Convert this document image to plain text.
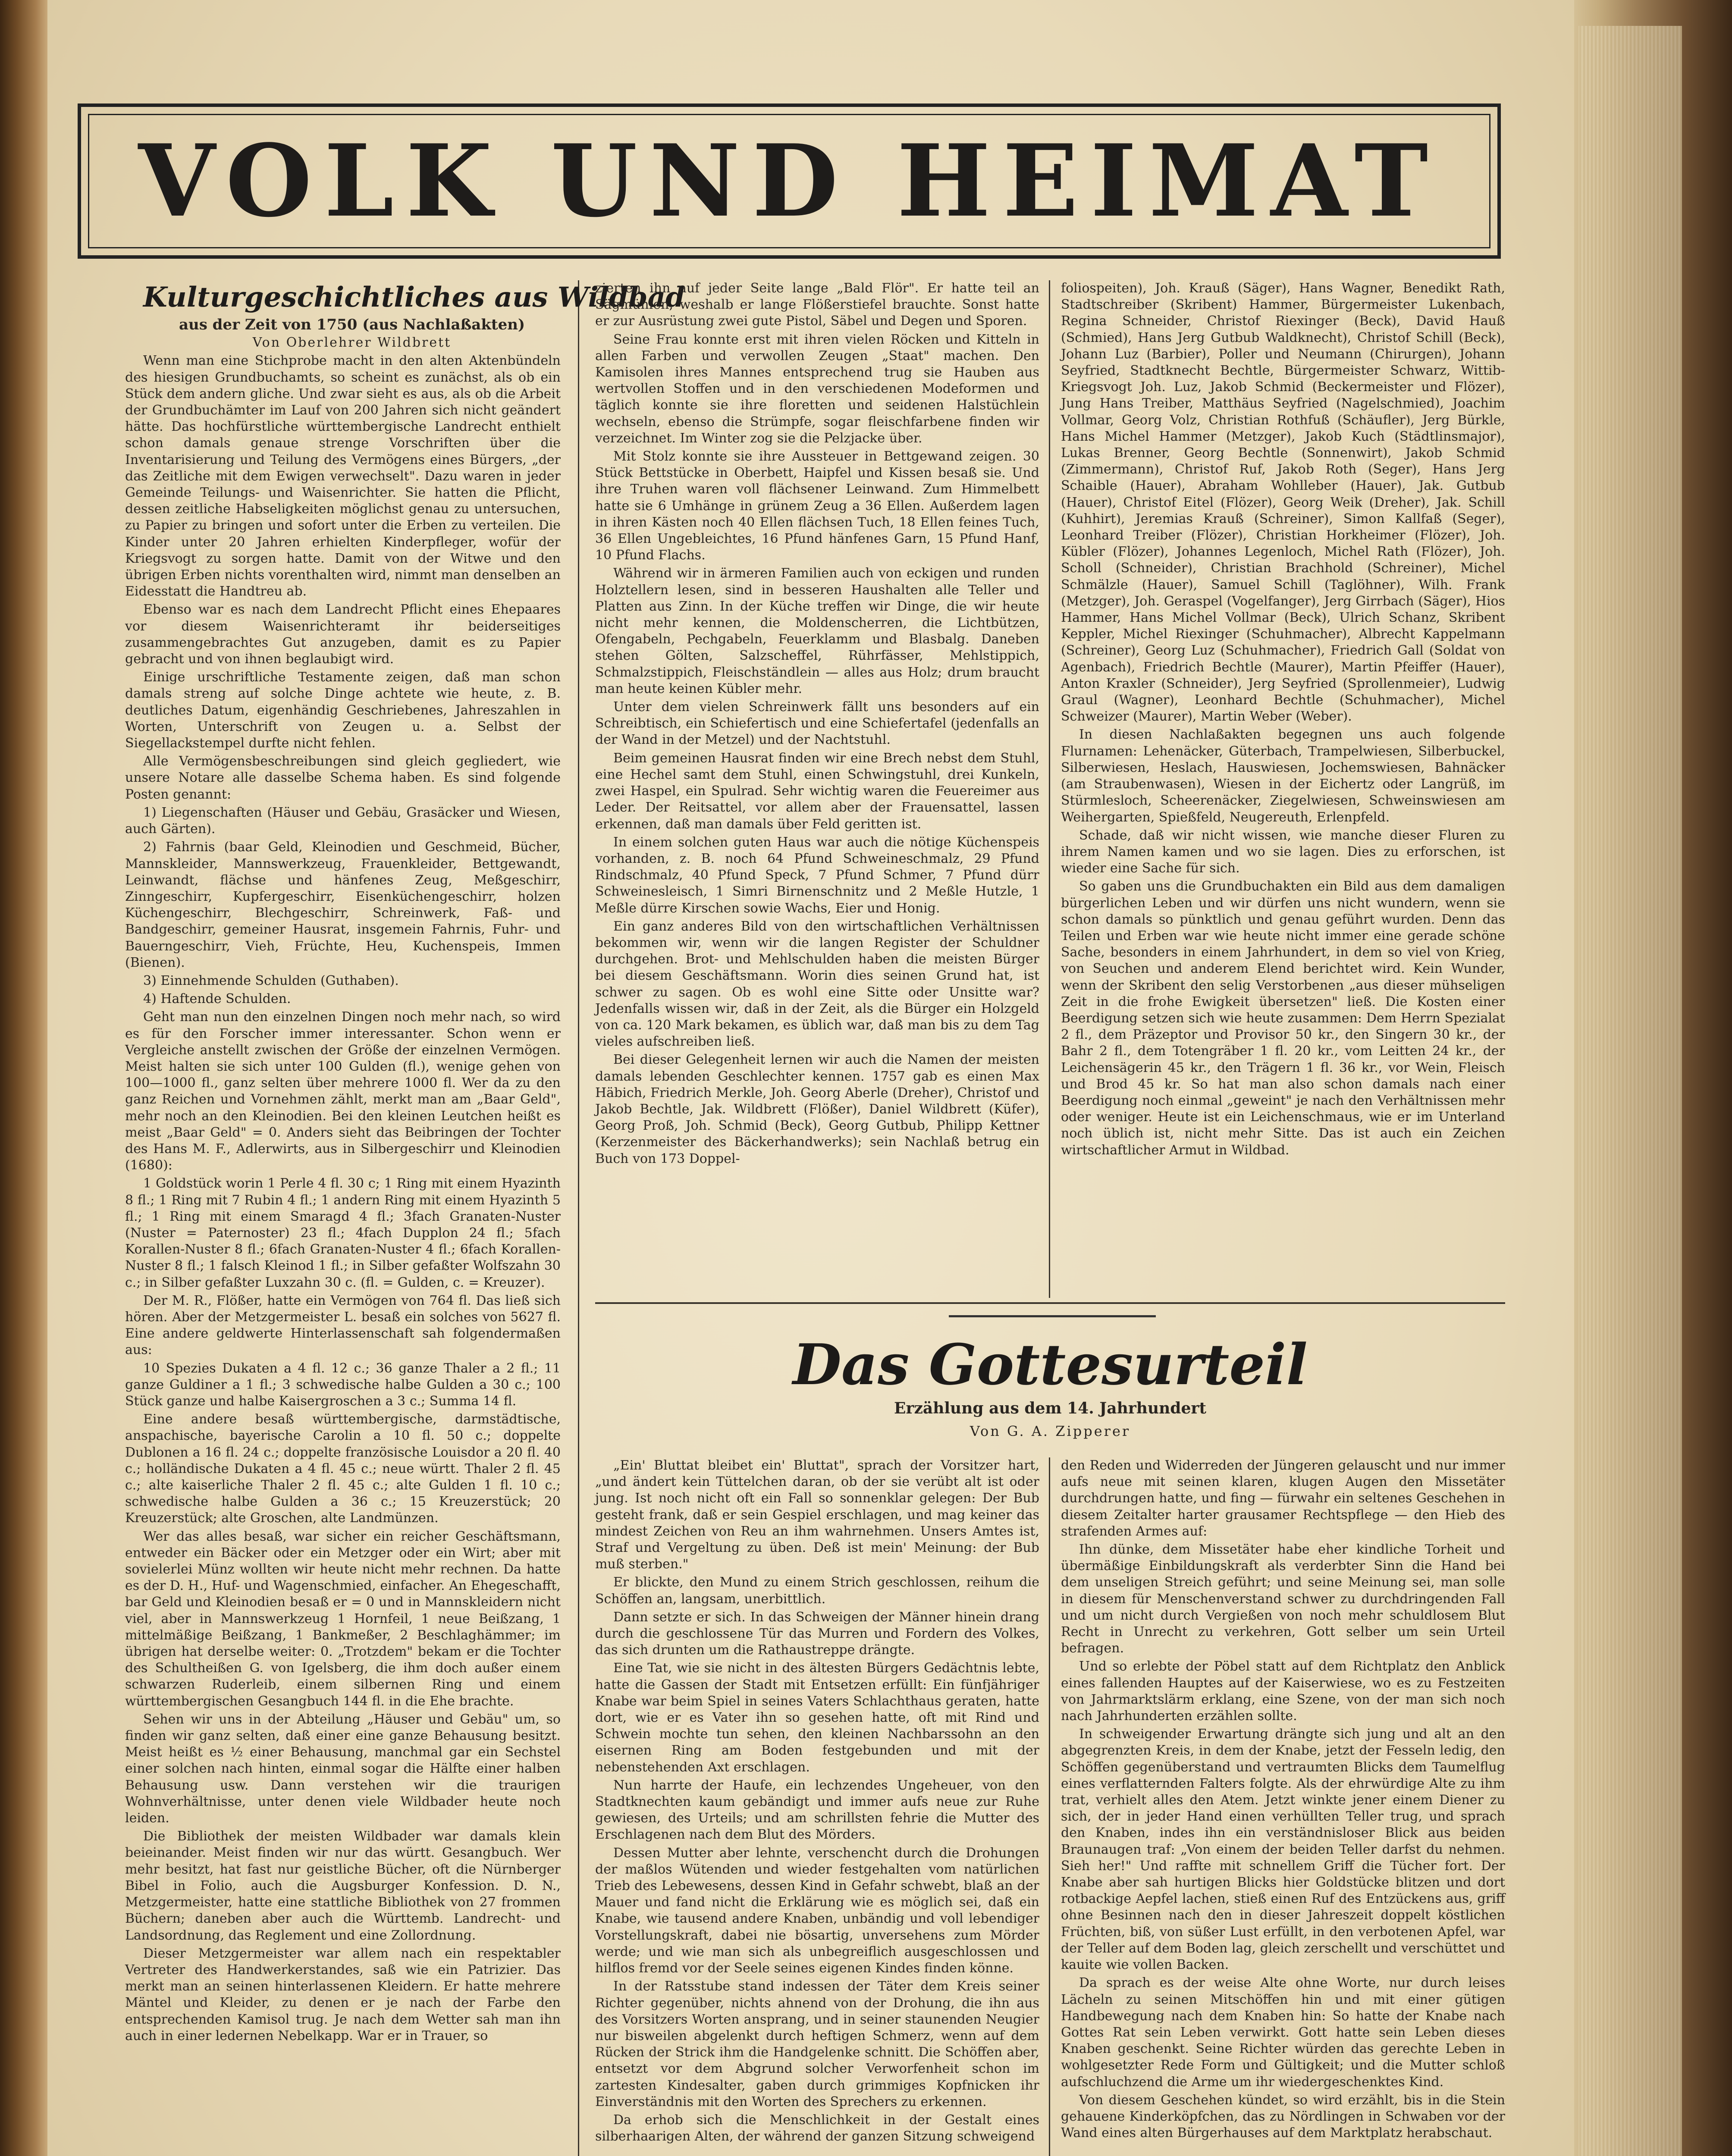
VOLK UND HEIMAT

Kulturgeschichtliches aus Wildbad

aus der Zeit von 1750 (aus Nachlaßakten)

Von Oberlehrer Wildbrett

Wenn man eine Stichprobe macht in den alten Aktenbündeln des hiesigen Grundbuchamts, so scheint es zunächst, als ob ein Stück dem andern gliche. Und zwar sieht es aus, als ob die Arbeit der Grundbuchämter im Lauf von 200 Jahren sich nicht geändert hätte. Das hochfürstliche württembergische Landrecht enthielt schon damals genaue strenge Vorschriften über die Inventarisierung und Teilung des Vermögens eines Bürgers, „der das Zeitliche mit dem Ewigen verwechselt". Dazu waren in jeder Gemeinde Teilungs- und Waisenrichter. Sie hatten die Pflicht, dessen zeitliche Habseligkeiten möglichst genau zu untersuchen, zu Papier zu bringen und sofort unter die Erben zu verteilen. Die Kinder unter 20 Jahren erhielten Kinderpfleger, wofür der Kriegsvogt zu sorgen hatte. Damit von der Witwe und den übrigen Erben nichts vorenthalten wird, nimmt man denselben an Eidesstatt die Handtreu ab.

Ebenso war es nach dem Landrecht Pflicht eines Ehepaares vor diesem Waisenrichteramt ihr beiderseitiges zusammengebrachtes Gut anzugeben, damit es zu Papier gebracht und von ihnen beglaubigt wird.

Einige urschriftliche Testamente zeigen, daß man schon damals streng auf solche Dinge achtete wie heute, z. B. deutliches Datum, eigenhändig Geschriebenes, Jahreszahlen in Worten, Unterschrift von Zeugen u. a. Selbst der Siegellackstempel durfte nicht fehlen.

Alle Vermögensbeschreibungen sind gleich gegliedert, wie unsere Notare alle dasselbe Schema haben. Es sind folgende Posten genannt:

1) Liegenschaften (Häuser und Gebäu, Grasäcker und Wiesen, auch Gärten).

2) Fahrnis (baar Geld, Kleinodien und Geschmeid, Bücher, Mannskleider, Mannswerkzeug, Frauenkleider, Bettgewandt, Leinwandt, flächse und hänfenes Zeug, Meßgeschirr, Zinngeschirr, Kupfergeschirr, Eisenküchengeschirr, holzen Küchengeschirr, Blechgeschirr, Schreinwerk, Faß- und Bandgeschirr, gemeiner Hausrat, insgemein Fahrnis, Fuhr- und Bauerngeschirr, Vieh, Früchte, Heu, Kuchenspeis, Immen (Bienen).

3) Einnehmende Schulden (Guthaben).

4) Haftende Schulden.

Geht man nun den einzelnen Dingen noch mehr nach, so wird es für den Forscher immer interessanter. Schon wenn er Vergleiche anstellt zwischen der Größe der einzelnen Vermögen. Meist halten sie sich unter 100 Gulden (fl.), wenige gehen von 100—1000 fl., ganz selten über mehrere 1000 fl. Wer da zu den ganz Reichen und Vornehmen zählt, merkt man am „Baar Geld", mehr noch an den Kleinodien. Bei den kleinen Leutchen heißt es meist „Baar Geld" = 0. Anders sieht das Beibringen der Tochter des Hans M. F., Adlerwirts, aus in Silbergeschirr und Kleinodien (1680):

1 Goldstück worin 1 Perle 4 fl. 30 c; 1 Ring mit einem Hyazinth 8 fl.; 1 Ring mit 7 Rubin 4 fl.; 1 andern Ring mit einem Hyazinth 5 fl.; 1 Ring mit einem Smaragd 4 fl.; 3fach Granaten-Nuster (Nuster = Paternoster) 23 fl.; 4fach Dupplon 24 fl.; 5fach Korallen-Nuster 8 fl.; 6fach Granaten-Nuster 4 fl.; 6fach Korallen-Nuster 8 fl.; 1 falsch Kleinod 1 fl.; in Silber gefaßter Wolfszahn 30 c.; in Silber gefaßter Luxzahn 30 c. (fl. = Gulden, c. = Kreuzer).

Der M. R., Flößer, hatte ein Vermögen von 764 fl. Das ließ sich hören. Aber der Metzgermeister L. besaß ein solches von 5627 fl. Eine andere geldwerte Hinterlassenschaft sah folgendermaßen aus:

10 Spezies Dukaten a 4 fl. 12 c.; 36 ganze Thaler a 2 fl.; 11 ganze Guldiner a 1 fl.; 3 schwedische halbe Gulden a 30 c.; 100 Stück ganze und halbe Kaisergroschen a 3 c.; Summa 14 fl.

Eine andere besaß württembergische, darmstädtische, anspachische, bayerische Carolin a 10 fl. 50 c.; doppelte Dublonen a 16 fl. 24 c.; doppelte französische Louisdor a 20 fl. 40 c.; holländische Dukaten a 4 fl. 45 c.; neue württ. Thaler 2 fl. 45 c.; alte kaiserliche Thaler 2 fl. 45 c.; alte Gulden 1 fl. 10 c.; schwedische halbe Gulden a 36 c.; 15 Kreuzerstück; 20 Kreuzerstück; alte Groschen, alte Landmünzen.

Wer das alles besaß, war sicher ein reicher Geschäftsmann, entweder ein Bäcker oder ein Metzger oder ein Wirt; aber mit sovielerlei Münz wollten wir heute nicht mehr rechnen. Da hatte es der D. H., Huf- und Wagenschmied, einfacher. An Ehegeschafft, bar Geld und Kleinodien besaß er = 0 und in Mannskleidern nicht viel, aber in Mannswerkzeug 1 Hornfeil, 1 neue Beißzang, 1 mittelmäßige Beißzang, 1 Bankmeßer, 2 Beschlaghämmer; im übrigen hat derselbe weiter: 0. „Trotzdem" bekam er die Tochter des Schultheißen G. von Igelsberg, die ihm doch außer einem schwarzen Ruderleib, einem silbernen Ring und einem württembergischen Gesangbuch 144 fl. in die Ehe brachte.

Sehen wir uns in der Abteilung „Häuser und Gebäu" um, so finden wir ganz selten, daß einer eine ganze Behausung besitzt. Meist heißt es ½ einer Behausung, manchmal gar ein Sechstel einer solchen nach hinten, einmal sogar die Hälfte einer halben Behausung usw. Dann verstehen wir die traurigen Wohnverhältnisse, unter denen viele Wildbader heute noch leiden.

Die Bibliothek der meisten Wildbader war damals klein beieinander. Meist finden wir nur das württ. Gesangbuch. Wer mehr besitzt, hat fast nur geistliche Bücher, oft die Nürnberger Bibel in Folio, auch die Augsburger Konfession. D. N., Metzgermeister, hatte eine stattliche Bibliothek von 27 frommen Büchern; daneben aber auch die Württemb. Landrecht- und Landsordnung, das Reglement und eine Zollordnung.

Dieser Metzgermeister war allem nach ein respektabler Vertreter des Handwerkerstandes, saß wie ein Patrizier. Das merkt man an seinen hinterlassenen Kleidern. Er hatte mehrere Mäntel und Kleider, zu denen er je nach der Farbe den entsprechenden Kamisol trug. Je nach dem Wetter sah man ihn auch in einer ledernen Nebelkapp. War er in Trauer, so

zierten ihn auf jeder Seite lange „Bald Flör". Er hatte teil an Sägmühlen, weshalb er lange Flößerstiefel brauchte. Sonst hatte er zur Ausrüstung zwei gute Pistol, Säbel und Degen und Sporen.

Seine Frau konnte erst mit ihren vielen Röcken und Kitteln in allen Farben und verwollen Zeugen „Staat" machen. Den Kamisolen ihres Mannes entsprechend trug sie Hauben aus wertvollen Stoffen und in den verschiedenen Modeformen und täglich konnte sie ihre floretten und seidenen Halstüchlein wechseln, ebenso die Strümpfe, sogar fleischfarbene finden wir verzeichnet. Im Winter zog sie die Pelzjacke über.

Mit Stolz konnte sie ihre Aussteuer in Bettgewand zeigen. 30 Stück Bettstücke in Oberbett, Haipfel und Kissen besaß sie. Und ihre Truhen waren voll flächsener Leinwand. Zum Himmelbett hatte sie 6 Umhänge in grünem Zeug a 36 Ellen. Außerdem lagen in ihren Kästen noch 40 Ellen flächsen Tuch, 18 Ellen feines Tuch, 36 Ellen Ungebleichtes, 16 Pfund hänfenes Garn, 15 Pfund Hanf, 10 Pfund Flachs.

Während wir in ärmeren Familien auch von eckigen und runden Holztellern lesen, sind in besseren Haushalten alle Teller und Platten aus Zinn. In der Küche treffen wir Dinge, die wir heute nicht mehr kennen, die Moldenscherren, die Lichtbützen, Ofengabeln, Pechgabeln, Feuerklamm und Blasbalg. Daneben stehen Gölten, Salzscheffel, Rührfässer, Mehlstippich, Schmalzstippich, Fleischständlein — alles aus Holz; drum braucht man heute keinen Kübler mehr.

Unter dem vielen Schreinwerk fällt uns besonders auf ein Schreibtisch, ein Schiefertisch und eine Schiefertafel (jedenfalls an der Wand in der Metzel) und der Nachtstuhl.

Beim gemeinen Hausrat finden wir eine Brech nebst dem Stuhl, eine Hechel samt dem Stuhl, einen Schwingstuhl, drei Kunkeln, zwei Haspel, ein Spulrad. Sehr wichtig waren die Feuereimer aus Leder. Der Reitsattel, vor allem aber der Frauensattel, lassen erkennen, daß man damals über Feld geritten ist.

In einem solchen guten Haus war auch die nötige Küchenspeis vorhanden, z. B. noch 64 Pfund Schweineschmalz, 29 Pfund Rindschmalz, 40 Pfund Speck, 7 Pfund Schmer, 7 Pfund dürr Schweinesleisch, 1 Simri Birnenschnitz und 2 Meßle Hutzle, 1 Meßle dürre Kirschen sowie Wachs, Eier und Honig.

Ein ganz anderes Bild von den wirtschaftlichen Verhältnissen bekommen wir, wenn wir die langen Register der Schuldner durchgehen. Brot- und Mehlschulden haben die meisten Bürger bei diesem Geschäftsmann. Worin dies seinen Grund hat, ist schwer zu sagen. Ob es wohl eine Sitte oder Unsitte war? Jedenfalls wissen wir, daß in der Zeit, als die Bürger ein Holzgeld von ca. 120 Mark bekamen, es üblich war, daß man bis zu dem Tag vieles aufschreiben ließ.

Bei dieser Gelegenheit lernen wir auch die Namen der meisten damals lebenden Geschlechter kennen. 1757 gab es einen Max Häbich, Friedrich Merkle, Joh. Georg Aberle (Dreher), Christof und Jakob Bechtle, Jak. Wildbrett (Flößer), Daniel Wildbrett (Küfer), Georg Proß, Joh. Schmid (Beck), Georg Gutbub, Philipp Kettner (Kerzenmeister des Bäckerhandwerks); sein Nachlaß betrug ein Buch von 173 Doppel-

foliospeiten), Joh. Krauß (Säger), Hans Wagner, Benedikt Rath, Stadtschreiber (Skribent) Hammer, Bürgermeister Lukenbach, Regina Schneider, Christof Riexinger (Beck), David Hauß (Schmied), Hans Jerg Gutbub Waldknecht), Christof Schill (Beck), Johann Luz (Barbier), Poller und Neumann (Chirurgen), Johann Seyfried, Stadtknecht Bechtle, Bürgermeister Schwarz, Wittib-Kriegsvogt Joh. Luz, Jakob Schmid (Beckermeister und Flözer), Jung Hans Treiber, Matthäus Seyfried (Nagelschmied), Joachim Vollmar, Georg Volz, Christian Rothfuß (Schäufler), Jerg Bürkle, Hans Michel Hammer (Metzger), Jakob Kuch (Städtlinsmajor), Lukas Brenner, Georg Bechtle (Sonnenwirt), Jakob Schmid (Zimmermann), Christof Ruf, Jakob Roth (Seger), Hans Jerg Schaible (Hauer), Abraham Wohlleber (Hauer), Jak. Gutbub (Hauer), Christof Eitel (Flözer), Georg Weik (Dreher), Jak. Schill (Kuhhirt), Jeremias Krauß (Schreiner), Simon Kallfaß (Seger), Leonhard Treiber (Flözer), Christian Horkheimer (Flözer), Joh. Kübler (Flözer), Johannes Legenloch, Michel Rath (Flözer), Joh. Scholl (Schneider), Christian Brachhold (Schreiner), Michel Schmälzle (Hauer), Samuel Schill (Taglöhner), Wilh. Frank (Metzger), Joh. Geraspel (Vogelfanger), Jerg Girrbach (Säger), Hios Hammer, Hans Michel Vollmar (Beck), Ulrich Schanz, Skribent Keppler, Michel Riexinger (Schuhmacher), Albrecht Kappelmann (Schreiner), Georg Luz (Schuhmacher), Friedrich Gall (Soldat von Agenbach), Friedrich Bechtle (Maurer), Martin Pfeiffer (Hauer), Anton Kraxler (Schneider), Jerg Seyfried (Sprollenmeier), Ludwig Graul (Wagner), Leonhard Bechtle (Schuhmacher), Michel Schweizer (Maurer), Martin Weber (Weber).

In diesen Nachlaßakten begegnen uns auch folgende Flurnamen: Lehenäcker, Güterbach, Trampelwiesen, Silberbuckel, Silberwiesen, Heslach, Hauswiesen, Jochemswiesen, Bahnäcker (am Straubenwasen), Wiesen in der Eichertz oder Langrüß, im Stürmlesloch, Scheerenäcker, Ziegelwiesen, Schweinswiesen am Weihergarten, Spießfeld, Neugereuth, Erlenpfeld.

Schade, daß wir nicht wissen, wie manche dieser Fluren zu ihrem Namen kamen und wo sie lagen. Dies zu erforschen, ist wieder eine Sache für sich.

So gaben uns die Grundbuchakten ein Bild aus dem damaligen bürgerlichen Leben und wir dürfen uns nicht wundern, wenn sie schon damals so pünktlich und genau geführt wurden. Denn das Teilen und Erben war wie heute nicht immer eine gerade schöne Sache, besonders in einem Jahrhundert, in dem so viel von Krieg, von Seuchen und anderem Elend berichtet wird. Kein Wunder, wenn der Skribent den selig Verstorbenen „aus dieser mühseligen Zeit in die frohe Ewigkeit übersetzen" ließ. Die Kosten einer Beerdigung setzen sich wie heute zusammen: Dem Herrn Spezialat 2 fl., dem Präzeptor und Provisor 50 kr., den Singern 30 kr., der Bahr 2 fl., dem Totengräber 1 fl. 20 kr., vom Leitten 24 kr., der Leichensägerin 45 kr., den Trägern 1 fl. 36 kr., vor Wein, Fleisch und Brod 45 kr. So hat man also schon damals nach einer Beerdigung noch einmal „geweint" je nach den Verhältnissen mehr oder weniger. Heute ist ein Leichenschmaus, wie er im Unterland noch üblich ist, nicht mehr Sitte. Das ist auch ein Zeichen wirtschaftlicher Armut in Wildbad.

Das Gottesurteil
Erzählung aus dem 14. Jahrhundert
Von G. A. Zipperer

„Ein' Bluttat bleibet ein' Bluttat", sprach der Vorsitzer hart, „und ändert kein Tüttelchen daran, ob der sie verübt alt ist oder jung. Ist noch nicht oft ein Fall so sonnenklar gelegen: Der Bub gesteht frank, daß er sein Gespiel erschlagen, und mag keiner das mindest Zeichen von Reu an ihm wahrnehmen. Unsers Amtes ist, Straf und Vergeltung zu üben. Deß ist mein' Meinung: der Bub muß sterben."

Er blickte, den Mund zu einem Strich geschlossen, reihum die Schöffen an, langsam, unerbittlich.

Dann setzte er sich. In das Schweigen der Männer hinein drang durch die geschlossene Tür das Murren und Fordern des Volkes, das sich drunten um die Rathaustreppe drängte.

Eine Tat, wie sie nicht in des ältesten Bürgers Gedächtnis lebte, hatte die Gassen der Stadt mit Entsetzen erfüllt: Ein fünfjähriger Knabe war beim Spiel in seines Vaters Schlachthaus geraten, hatte dort, wie er es Vater ihn so gesehen hatte, oft mit Rind und Schwein mochte tun sehen, den kleinen Nachbarssohn an den eisernen Ring am Boden festgebunden und mit der nebenstehenden Axt erschlagen.

Nun harrte der Haufe, ein lechzendes Ungeheuer, von den Stadtknechten kaum gebändigt und immer aufs neue zur Ruhe gewiesen, des Urteils; und am schrillsten fehrie die Mutter des Erschlagenen nach dem Blut des Mörders.

Dessen Mutter aber lehnte, verschencht durch die Drohungen der maßlos Wütenden und wieder festgehalten vom natürlichen Trieb des Lebewesens, dessen Kind in Gefahr schwebt, blaß an der Mauer und fand nicht die Erklärung wie es möglich sei, daß ein Knabe, wie tausend andere Knaben, unbändig und voll lebendiger Vorstellungskraft, dabei nie bösartig, unversehens zum Mörder werde; und wie man sich als unbegreiflich ausgeschlossen und hilflos fremd vor der Seele seines eigenen Kindes finden könne.

In der Ratsstube stand indessen der Täter dem Kreis seiner Richter gegenüber, nichts ahnend von der Drohung, die ihn aus des Vorsitzers Worten ansprang, und in seiner staunenden Neugier nur bisweilen abgelenkt durch heftigen Schmerz, wenn auf dem Rücken der Strick ihm die Handgelenke schnitt. Die Schöffen aber, entsetzt vor dem Abgrund solcher Verworfenheit schon im zartesten Kindesalter, gaben durch grimmiges Kopfnicken ihr Einverständnis mit den Worten des Sprechers zu erkennen.

Da erhob sich die Menschlichkeit in der Gestalt eines silberhaarigen Alten, der während der ganzen Sitzung schweigend

den Reden und Widerreden der Jüngeren gelauscht und nur immer aufs neue mit seinen klaren, klugen Augen den Missetäter durchdrungen hatte, und fing — fürwahr ein seltenes Geschehen in diesem Zeitalter harter grausamer Rechtspflege — den Hieb des strafenden Armes auf:

Ihn dünke, dem Missetäter habe eher kindliche Torheit und übermäßige Einbildungskraft als verderbter Sinn die Hand bei dem unseligen Streich geführt; und seine Meinung sei, man solle in diesem für Menschenverstand schwer zu durchdringenden Fall und um nicht durch Vergießen von noch mehr schuldlosem Blut Recht in Unrecht zu verkehren, Gott selber um sein Urteil befragen.

Und so erlebte der Pöbel statt auf dem Richtplatz den Anblick eines fallenden Hauptes auf der Kaiserwiese, wo es zu Festzeiten von Jahrmarktslärm erklang, eine Szene, von der man sich noch nach Jahrhunderten erzählen sollte.

In schweigender Erwartung drängte sich jung und alt an den abgegrenzten Kreis, in dem der Knabe, jetzt der Fesseln ledig, den Schöffen gegenüberstand und vertraumten Blicks dem Taumelflug eines verflatternden Falters folgte. Als der ehrwürdige Alte zu ihm trat, verhielt alles den Atem. Jetzt winkte jener einem Diener zu sich, der in jeder Hand einen verhüllten Teller trug, und sprach den Knaben, indes ihn ein verständnisloser Blick aus beiden Braunaugen traf: „Von einem der beiden Teller darfst du nehmen. Sieh her!" Und raffte mit schnellem Griff die Tücher fort. Der Knabe aber sah hurtigen Blicks hier Goldstücke blitzen und dort rotbackige Aepfel lachen, stieß einen Ruf des Entzückens aus, griff ohne Besinnen nach den in dieser Jahreszeit doppelt köstlichen Früchten, biß, von süßer Lust erfüllt, in den verbotenen Apfel, war der Teller auf dem Boden lag, gleich zerschellt und verschüttet und kauite wie vollen Backen.

Da sprach es der weise Alte ohne Worte, nur durch leises Lächeln zu seinen Mitschöffen hin und mit einer gütigen Handbewegung nach dem Knaben hin: So hatte der Knabe nach Gottes Rat sein Leben verwirkt. Gott hatte sein Leben dieses Knaben geschenkt. Seine Richter würden das gerechte Leben in wohlgesetzter Rede Form und Gültigkeit; und die Mutter schloß aufschluchzend die Arme um ihr wiedergeschenktes Kind.

Von diesem Geschehen kündet, so wird erzählt, bis in die Stein gehauene Kinderköpfchen, das zu Nördlingen in Schwaben vor der Wand eines alten Bürgerhauses auf dem Marktplatz herabschaut.
